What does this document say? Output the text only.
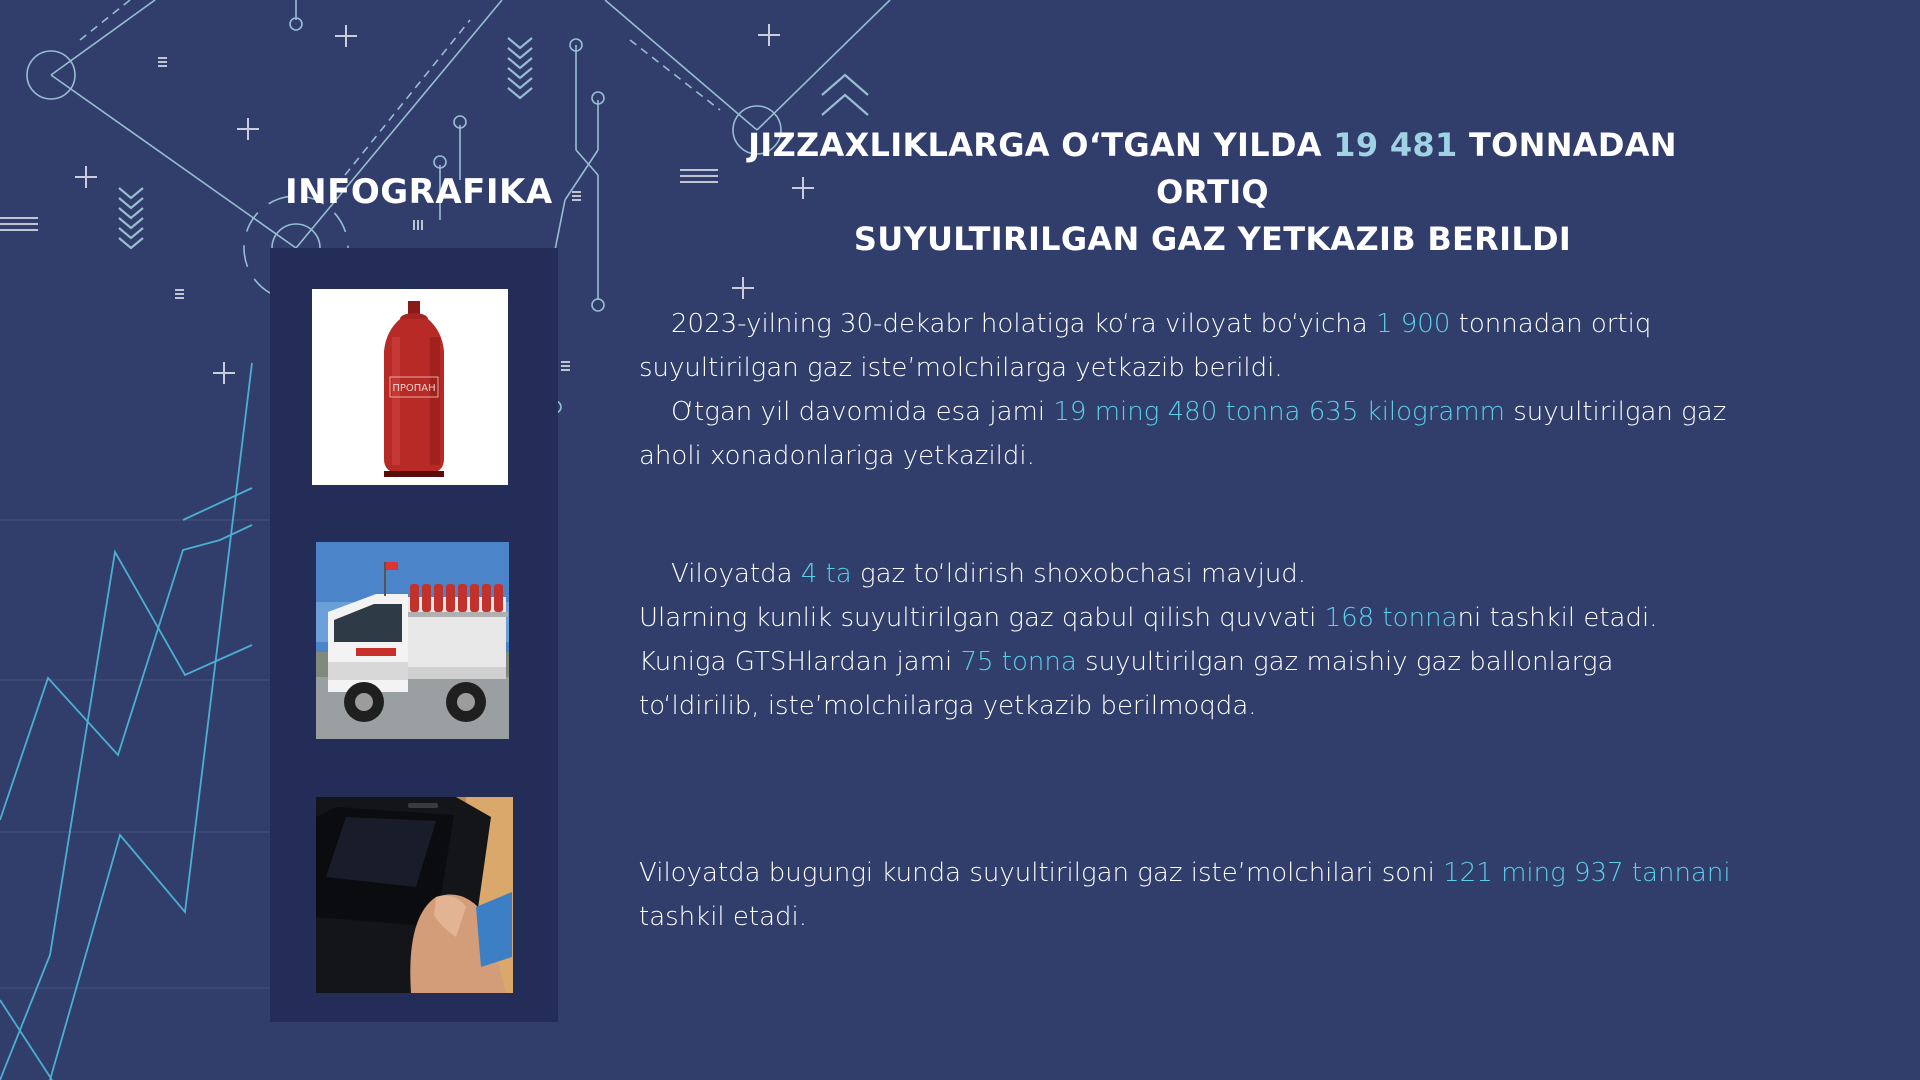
INFOGRAFIKA
ПРОПАН
JIZZAXLIKLARGA O‘TGAN YILDA 19 481 TONNADAN ORTIQ
SUYULTIRILGAN GAZ YETKAZIB BERILDI
2023-yilning 30-dekabr holatiga ko‘ra viloyat bo‘yicha 1 900 tonnadan ortiq suyultirilgan gaz iste’molchilarga yetkazib berildi.
O‘tgan yil davomida esa jami 19 ming 480 tonna 635 kilogramm suyultirilgan gaz aholi xonadonlariga yetkazildi.
Viloyatda 4 ta gaz to‘ldirish shoxobchasi mavjud.
Ularning kunlik suyultirilgan gaz qabul qilish quvvati 168 tonnani tashkil etadi. Kuniga GTSHlardan jami 75 tonna suyultirilgan gaz maishiy gaz ballonlarga to‘ldirilib, iste’molchilarga yetkazib berilmoqda.
Viloyatda bugungi kunda suyultirilgan gaz iste’molchilari soni 121 ming 937 tannani tashkil etadi.
